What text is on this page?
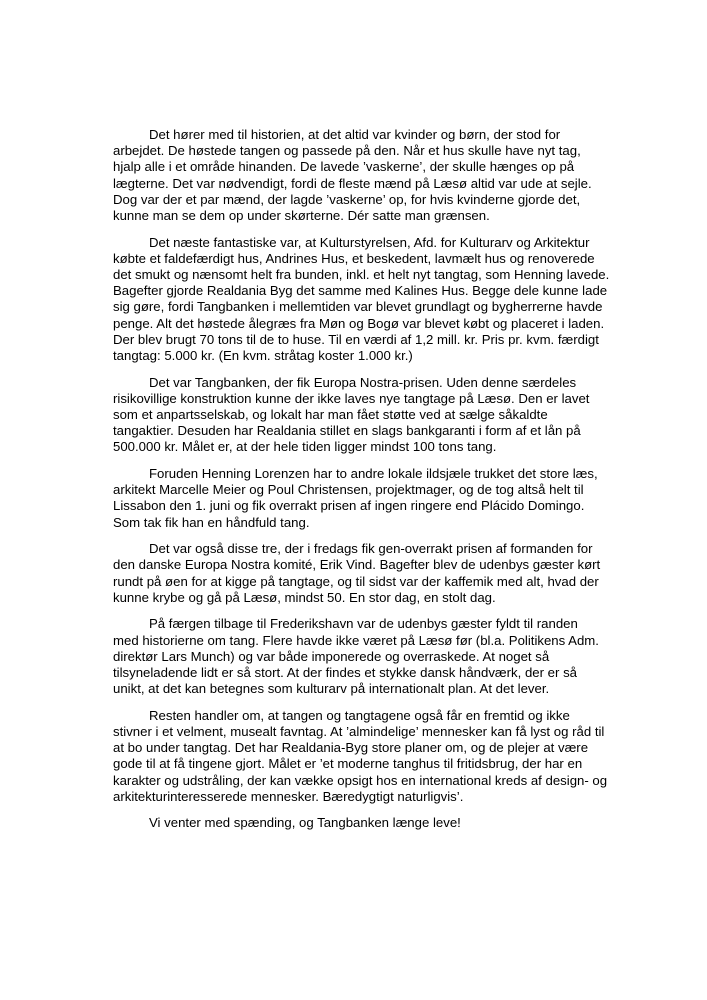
Det hører med til historien, at det altid var kvinder og børn, der stod for
arbejdet. De høstede tangen og passede på den. Når et hus skulle have nyt tag,
hjalp alle i et område hinanden. De lavede ’vaskerne’, der skulle hænges op på
lægterne. Det var nødvendigt, fordi de fleste mænd på Læsø altid var ude at sejle.
Dog var der et par mænd, der lagde ’vaskerne’ op, for hvis kvinderne gjorde det,
kunne man se dem op under skørterne. Dér satte man grænsen.

Det næste fantastiske var, at Kulturstyrelsen, Afd. for Kulturarv og Arkitektur
købte et faldefærdigt hus, Andrines Hus, et beskedent, lavmælt hus og renoverede
det smukt og nænsomt helt fra bunden, inkl. et helt nyt tangtag, som Henning lavede.
Bagefter gjorde Realdania Byg det samme med Kalines Hus. Begge dele kunne lade
sig gøre, fordi Tangbanken i mellemtiden var blevet grundlagt og bygherrerne havde
penge. Alt det høstede ålegræs fra Møn og Bogø var blevet købt og placeret i laden.
Der blev brugt 70 tons til de to huse. Til en værdi af 1,2 mill. kr. Pris pr. kvm. færdigt
tangtag: 5.000 kr. (En kvm. stråtag koster 1.000 kr.)

Det var Tangbanken, der fik Europa Nostra-prisen. Uden denne særdeles
risikovillige konstruktion kunne der ikke laves nye tangtage på Læsø. Den er lavet
som et anpartsselskab, og lokalt har man fået støtte ved at sælge såkaldte
tangaktier. Desuden har Realdania stillet en slags bankgaranti i form af et lån på
500.000 kr. Målet er, at der hele tiden ligger mindst 100 tons tang.

Foruden Henning Lorenzen har to andre lokale ildsjæle trukket det store læs,
arkitekt Marcelle Meier og Poul Christensen, projektmager, og de tog altså helt til
Lissabon den 1. juni og fik overrakt prisen af ingen ringere end Plácido Domingo.
Som tak fik han en håndfuld tang.

Det var også disse tre, der i fredags fik gen-overrakt prisen af formanden for
den danske Europa Nostra komité, Erik Vind. Bagefter blev de udenbys gæster kørt
rundt på øen for at kigge på tangtage, og til sidst var der kaffemik med alt, hvad der
kunne krybe og gå på Læsø, mindst 50. En stor dag, en stolt dag.

På færgen tilbage til Frederikshavn var de udenbys gæster fyldt til randen
med historierne om tang. Flere havde ikke været på Læsø før (bl.a. Politikens Adm.
direktør Lars Munch) og var både imponerede og overraskede. At noget så
tilsyneladende lidt er så stort. At der findes et stykke dansk håndværk, der er så
unikt, at det kan betegnes som kulturarv på internationalt plan. At det lever.

Resten handler om, at tangen og tangtagene også får en fremtid og ikke
stivner i et velment, musealt favntag. At ’almindelige’ mennesker kan få lyst og råd til
at bo under tangtag. Det har Realdania-Byg store planer om, og de plejer at være
gode til at få tingene gjort. Målet er ’et moderne tanghus til fritidsbrug, der har en
karakter og udstråling, der kan vække opsigt hos en international kreds af design- og
arkitekturinteresserede mennesker. Bæredygtigt naturligvis’.

Vi venter med spænding, og Tangbanken længe leve!
